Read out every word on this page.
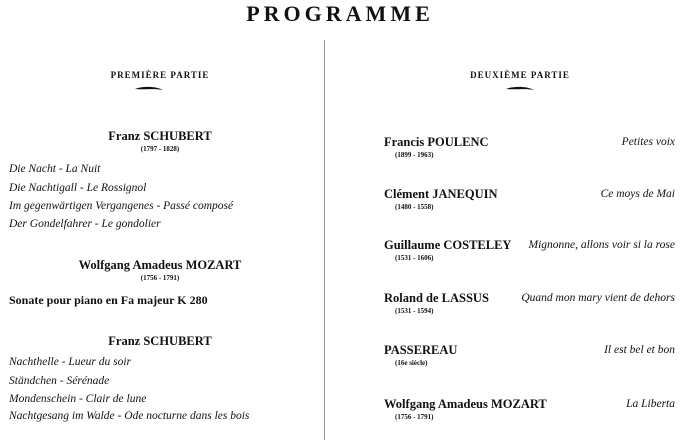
PROGRAMME
PREMIÈRE PARTIE
Franz SCHUBERT
(1797 - 1828)
Die Nacht - La Nuit
Die Nachtigall - Le Rossignol
Im gegenwärtigen Vergangenes - Passé composé
Der Gondelfahrer - Le gondolier
Wolfgang Amadeus MOZART
(1756 - 1791)
Sonate pour piano en Fa majeur K 280
Franz SCHUBERT
Nachthelle - Lueur du soir
Ständchen - Sérénade
Mondenschein - Clair de lune
Nachtgesang im Walde - Ode nocturne dans les bois
DEUXIÈME PARTIE
Francis POULENC
(1899 - 1963)
Petites voix
Clément JANEQUIN
(1480 - 1558)
Ce moys de Mai
Guillaume COSTELEY
(1531 - 1606)
Mignonne, allons voir si la rose
Roland de LASSUS
(1531 - 1594)
Quand mon mary vient de dehors
PASSEREAU
(16e siècle)
Il est bel et bon
Wolfgang Amadeus MOZART
(1756 - 1791)
La Liberta
